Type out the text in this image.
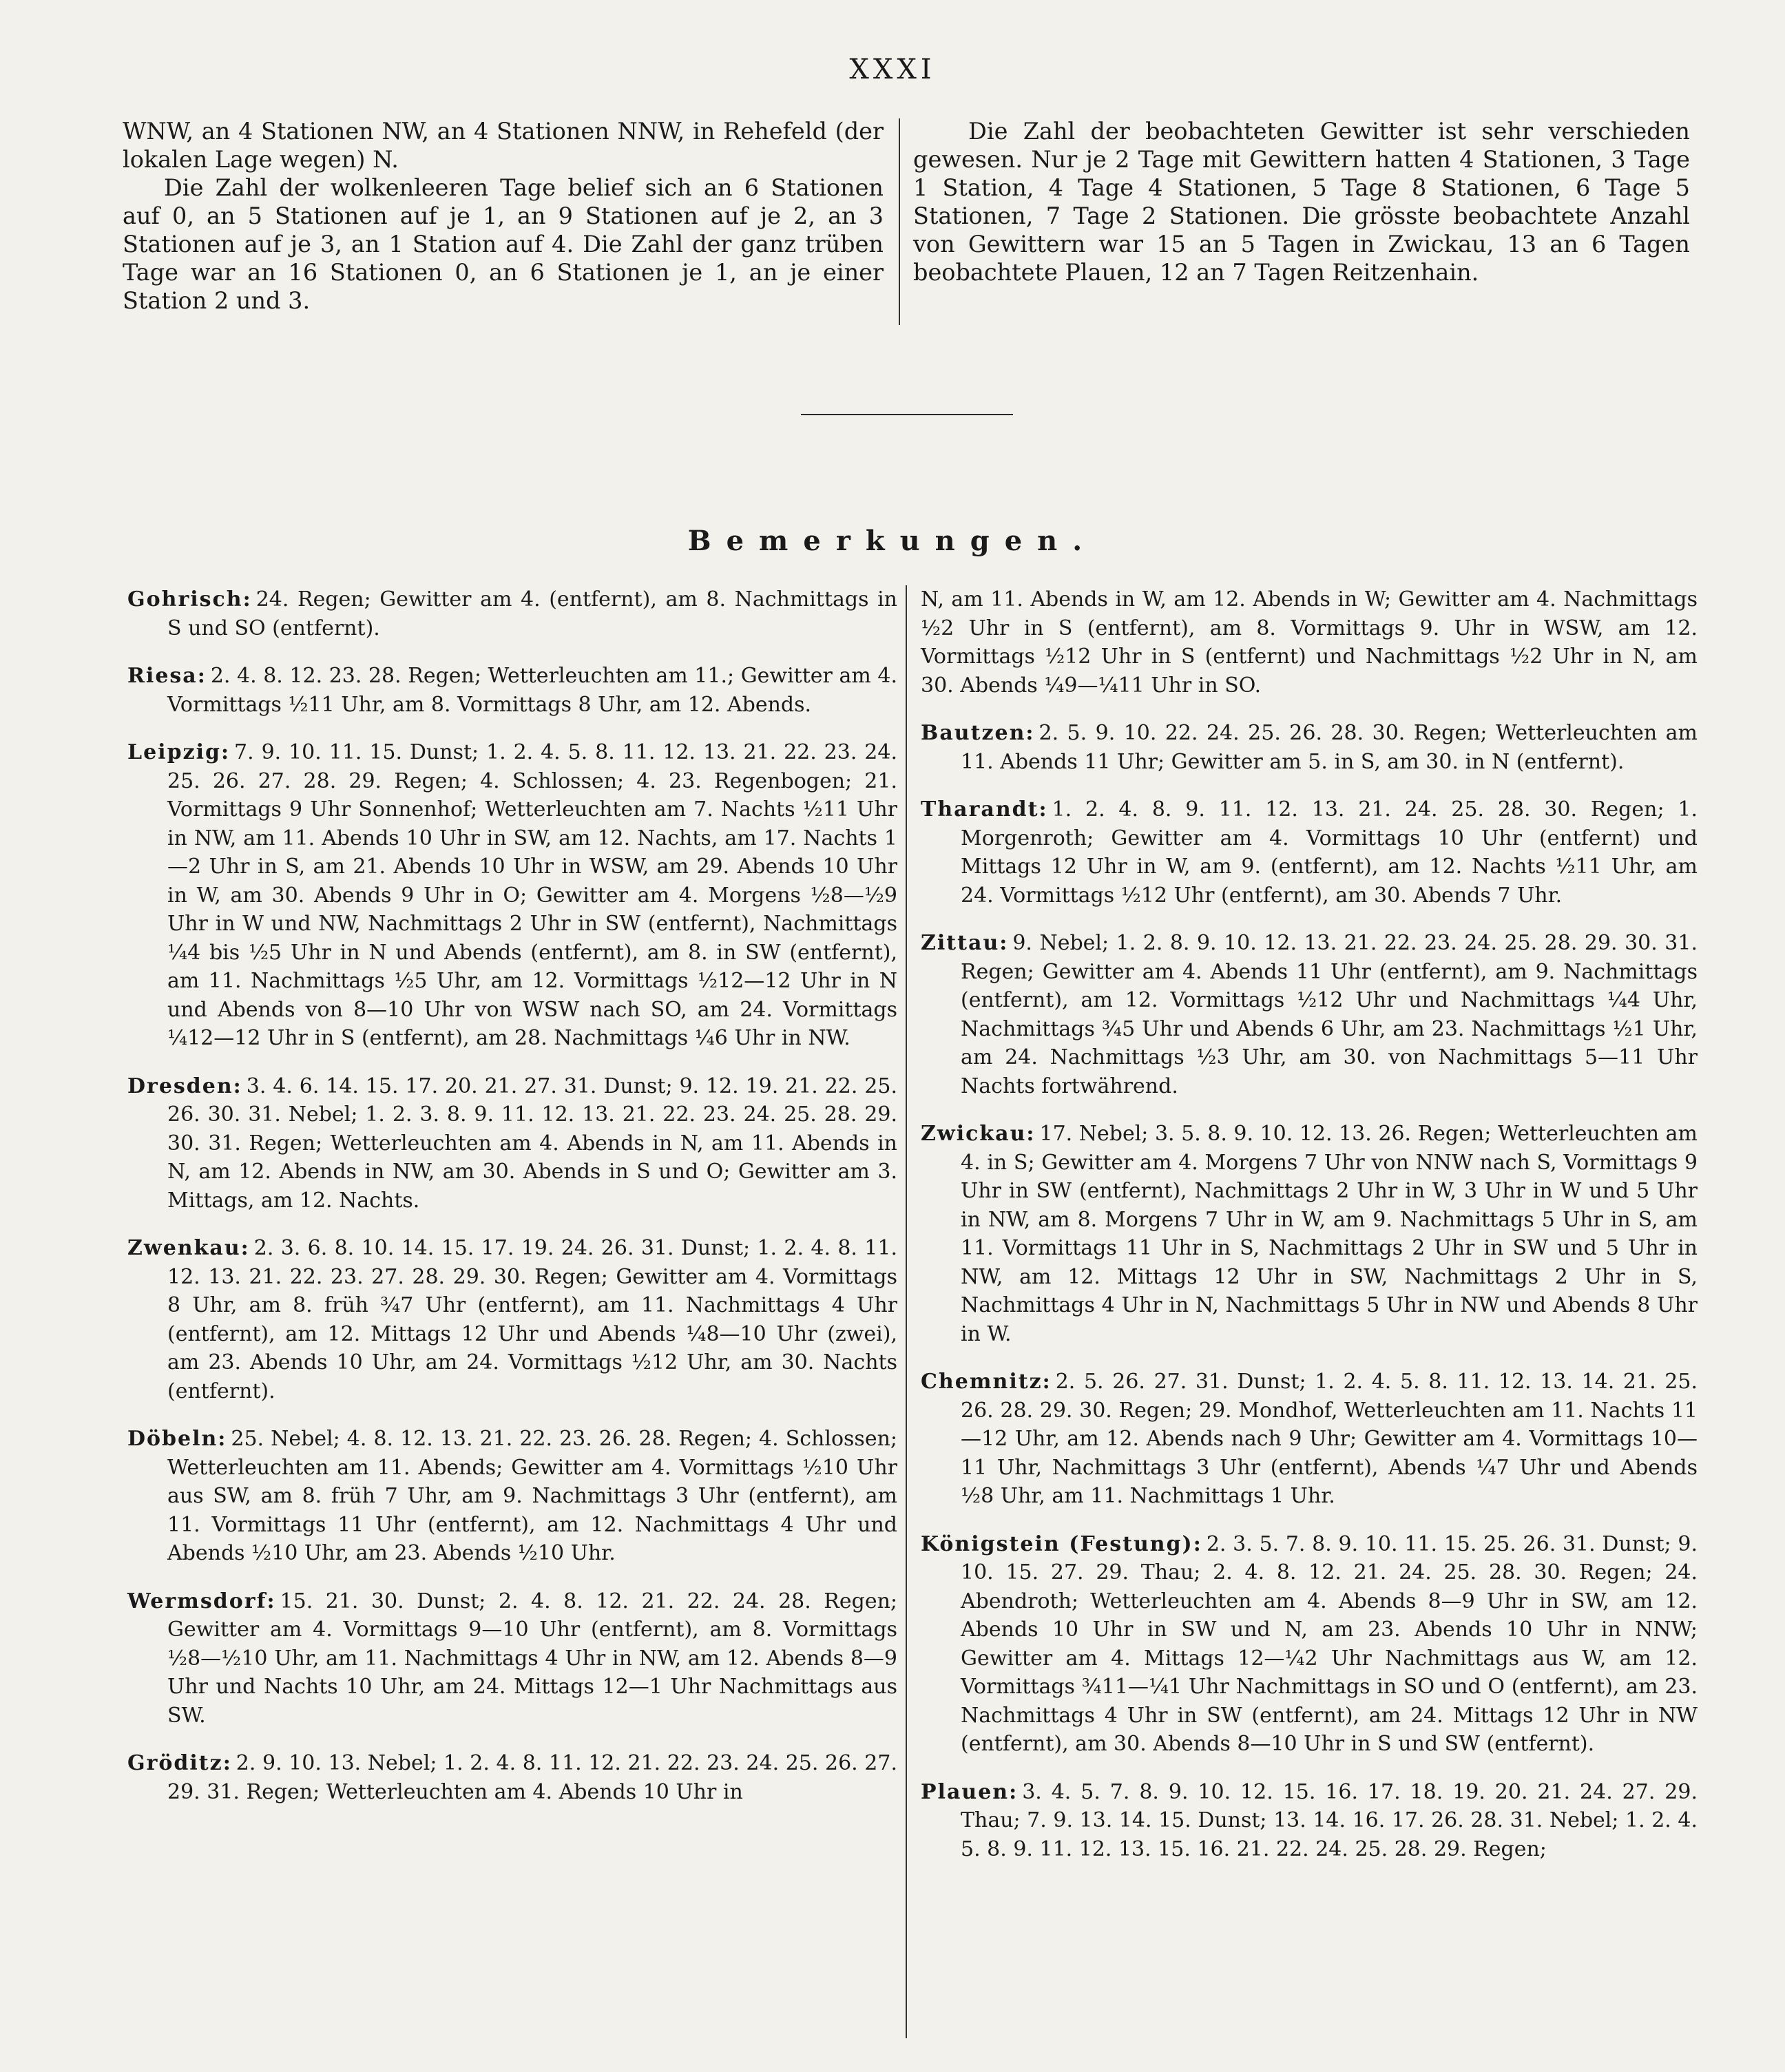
XXXI

WNW, an 4 Stationen NW, an 4 Stationen NNW, in Rehefeld (der lokalen Lage wegen) N.

Die Zahl der wolkenleeren Tage belief sich an 6 Stationen auf 0, an 5 Stationen auf je 1, an 9 Stationen auf je 2, an 3 Stationen auf je 3, an 1 Station auf 4. Die Zahl der ganz trüben Tage war an 16 Stationen 0, an 6 Stationen je 1, an je einer Station 2 und 3.

Die Zahl der beobachteten Gewitter ist sehr verschieden gewesen. Nur je 2 Tage mit Gewittern hatten 4 Stationen, 3 Tage 1 Station, 4 Tage 4 Stationen, 5 Tage 8 Stationen, 6 Tage 5 Stationen, 7 Tage 2 Stationen. Die grösste beobachtete Anzahl von Gewittern war 15 an 5 Tagen in Zwickau, 13 an 6 Tagen beobachtete Plauen, 12 an 7 Tagen Reitzenhain.

Bemerkungen.

Gohrisch: 24. Regen; Gewitter am 4. (entfernt), am 8. Nachmittags in S und SO (entfernt).

Riesa: 2. 4. 8. 12. 23. 28. Regen; Wetterleuchten am 11.; Gewitter am 4. Vormittags ½11 Uhr, am 8. Vormittags 8 Uhr, am 12. Abends.

Leipzig: 7. 9. 10. 11. 15. Dunst; 1. 2. 4. 5. 8. 11. 12. 13. 21. 22. 23. 24. 25. 26. 27. 28. 29. Regen; 4. Schlossen; 4. 23. Regenbogen; 21. Vormittags 9 Uhr Sonnenhof; Wetterleuchten am 7. Nachts ½11 Uhr in NW, am 11. Abends 10 Uhr in SW, am 12. Nachts, am 17. Nachts 1—2 Uhr in S, am 21. Abends 10 Uhr in WSW, am 29. Abends 10 Uhr in W, am 30. Abends 9 Uhr in O; Gewitter am 4. Morgens ½8—½9 Uhr in W und NW, Nachmittags 2 Uhr in SW (entfernt), Nachmittags ¼4 bis ½5 Uhr in N und Abends (entfernt), am 8. in SW (entfernt), am 11. Nachmittags ½5 Uhr, am 12. Vormittags ½12—12 Uhr in N und Abends von 8—10 Uhr von WSW nach SO, am 24. Vormittags ¼12—12 Uhr in S (entfernt), am 28. Nachmittags ¼6 Uhr in NW.

Dresden: 3. 4. 6. 14. 15. 17. 20. 21. 27. 31. Dunst; 9. 12. 19. 21. 22. 25. 26. 30. 31. Nebel; 1. 2. 3. 8. 9. 11. 12. 13. 21. 22. 23. 24. 25. 28. 29. 30. 31. Regen; Wetterleuchten am 4. Abends in N, am 11. Abends in N, am 12. Abends in NW, am 30. Abends in S und O; Gewitter am 3. Mittags, am 12. Nachts.

Zwenkau: 2. 3. 6. 8. 10. 14. 15. 17. 19. 24. 26. 31. Dunst; 1. 2. 4. 8. 11. 12. 13. 21. 22. 23. 27. 28. 29. 30. Regen; Gewitter am 4. Vormittags 8 Uhr, am 8. früh ¾7 Uhr (entfernt), am 11. Nachmittags 4 Uhr (entfernt), am 12. Mittags 12 Uhr und Abends ¼8—10 Uhr (zwei), am 23. Abends 10 Uhr, am 24. Vormittags ½12 Uhr, am 30. Nachts (entfernt).

Döbeln: 25. Nebel; 4. 8. 12. 13. 21. 22. 23. 26. 28. Regen; 4. Schlossen; Wetterleuchten am 11. Abends; Gewitter am 4. Vormittags ½10 Uhr aus SW, am 8. früh 7 Uhr, am 9. Nachmittags 3 Uhr (entfernt), am 11. Vormittags 11 Uhr (entfernt), am 12. Nachmittags 4 Uhr und Abends ½10 Uhr, am 23. Abends ½10 Uhr.

Wermsdorf: 15. 21. 30. Dunst; 2. 4. 8. 12. 21. 22. 24. 28. Regen; Gewitter am 4. Vormittags 9—10 Uhr (entfernt), am 8. Vormittags ½8—½10 Uhr, am 11. Nachmittags 4 Uhr in NW, am 12. Abends 8—9 Uhr und Nachts 10 Uhr, am 24. Mittags 12—1 Uhr Nachmittags aus SW.

Gröditz: 2. 9. 10. 13. Nebel; 1. 2. 4. 8. 11. 12. 21. 22. 23. 24. 25. 26. 27. 29. 31. Regen; Wetterleuchten am 4. Abends 10 Uhr in

N, am 11. Abends in W, am 12. Abends in W; Gewitter am 4. Nachmittags ½2 Uhr in S (entfernt), am 8. Vormittags 9. Uhr in WSW, am 12. Vormittags ½12 Uhr in S (entfernt) und Nachmittags ½2 Uhr in N, am 30. Abends ¼9—¼11 Uhr in SO.

Bautzen: 2. 5. 9. 10. 22. 24. 25. 26. 28. 30. Regen; Wetterleuchten am 11. Abends 11 Uhr; Gewitter am 5. in S, am 30. in N (entfernt).

Tharandt: 1. 2. 4. 8. 9. 11. 12. 13. 21. 24. 25. 28. 30. Regen; 1. Morgenroth; Gewitter am 4. Vormittags 10 Uhr (entfernt) und Mittags 12 Uhr in W, am 9. (entfernt), am 12. Nachts ½11 Uhr, am 24. Vormittags ½12 Uhr (entfernt), am 30. Abends 7 Uhr.

Zittau: 9. Nebel; 1. 2. 8. 9. 10. 12. 13. 21. 22. 23. 24. 25. 28. 29. 30. 31. Regen; Gewitter am 4. Abends 11 Uhr (entfernt), am 9. Nachmittags (entfernt), am 12. Vormittags ½12 Uhr und Nachmittags ¼4 Uhr, Nachmittags ¾5 Uhr und Abends 6 Uhr, am 23. Nachmittags ½1 Uhr, am 24. Nachmittags ½3 Uhr, am 30. von Nachmittags 5—11 Uhr Nachts fortwährend.

Zwickau: 17. Nebel; 3. 5. 8. 9. 10. 12. 13. 26. Regen; Wetterleuchten am 4. in S; Gewitter am 4. Morgens 7 Uhr von NNW nach S, Vormittags 9 Uhr in SW (entfernt), Nachmittags 2 Uhr in W, 3 Uhr in W und 5 Uhr in NW, am 8. Morgens 7 Uhr in W, am 9. Nachmittags 5 Uhr in S, am 11. Vormittags 11 Uhr in S, Nachmittags 2 Uhr in SW und 5 Uhr in NW, am 12. Mittags 12 Uhr in SW, Nachmittags 2 Uhr in S, Nachmittags 4 Uhr in N, Nachmittags 5 Uhr in NW und Abends 8 Uhr in W.

Chemnitz: 2. 5. 26. 27. 31. Dunst; 1. 2. 4. 5. 8. 11. 12. 13. 14. 21. 25. 26. 28. 29. 30. Regen; 29. Mondhof, Wetterleuchten am 11. Nachts 11—12 Uhr, am 12. Abends nach 9 Uhr; Gewitter am 4. Vormittags 10—11 Uhr, Nachmittags 3 Uhr (entfernt), Abends ¼7 Uhr und Abends ½8 Uhr, am 11. Nachmittags 1 Uhr.

Königstein (Festung): 2. 3. 5. 7. 8. 9. 10. 11. 15. 25. 26. 31. Dunst; 9. 10. 15. 27. 29. Thau; 2. 4. 8. 12. 21. 24. 25. 28. 30. Regen; 24. Abendroth; Wetterleuchten am 4. Abends 8—9 Uhr in SW, am 12. Abends 10 Uhr in SW und N, am 23. Abends 10 Uhr in NNW; Gewitter am 4. Mittags 12—¼2 Uhr Nachmittags aus W, am 12. Vormittags ¾11—¼1 Uhr Nachmittags in SO und O (entfernt), am 23. Nachmittags 4 Uhr in SW (entfernt), am 24. Mittags 12 Uhr in NW (entfernt), am 30. Abends 8—10 Uhr in S und SW (entfernt).

Plauen: 3. 4. 5. 7. 8. 9. 10. 12. 15. 16. 17. 18. 19. 20. 21. 24. 27. 29. Thau; 7. 9. 13. 14. 15. Dunst; 13. 14. 16. 17. 26. 28. 31. Nebel; 1. 2. 4. 5. 8. 9. 11. 12. 13. 15. 16. 21. 22. 24. 25. 28. 29. Regen;
